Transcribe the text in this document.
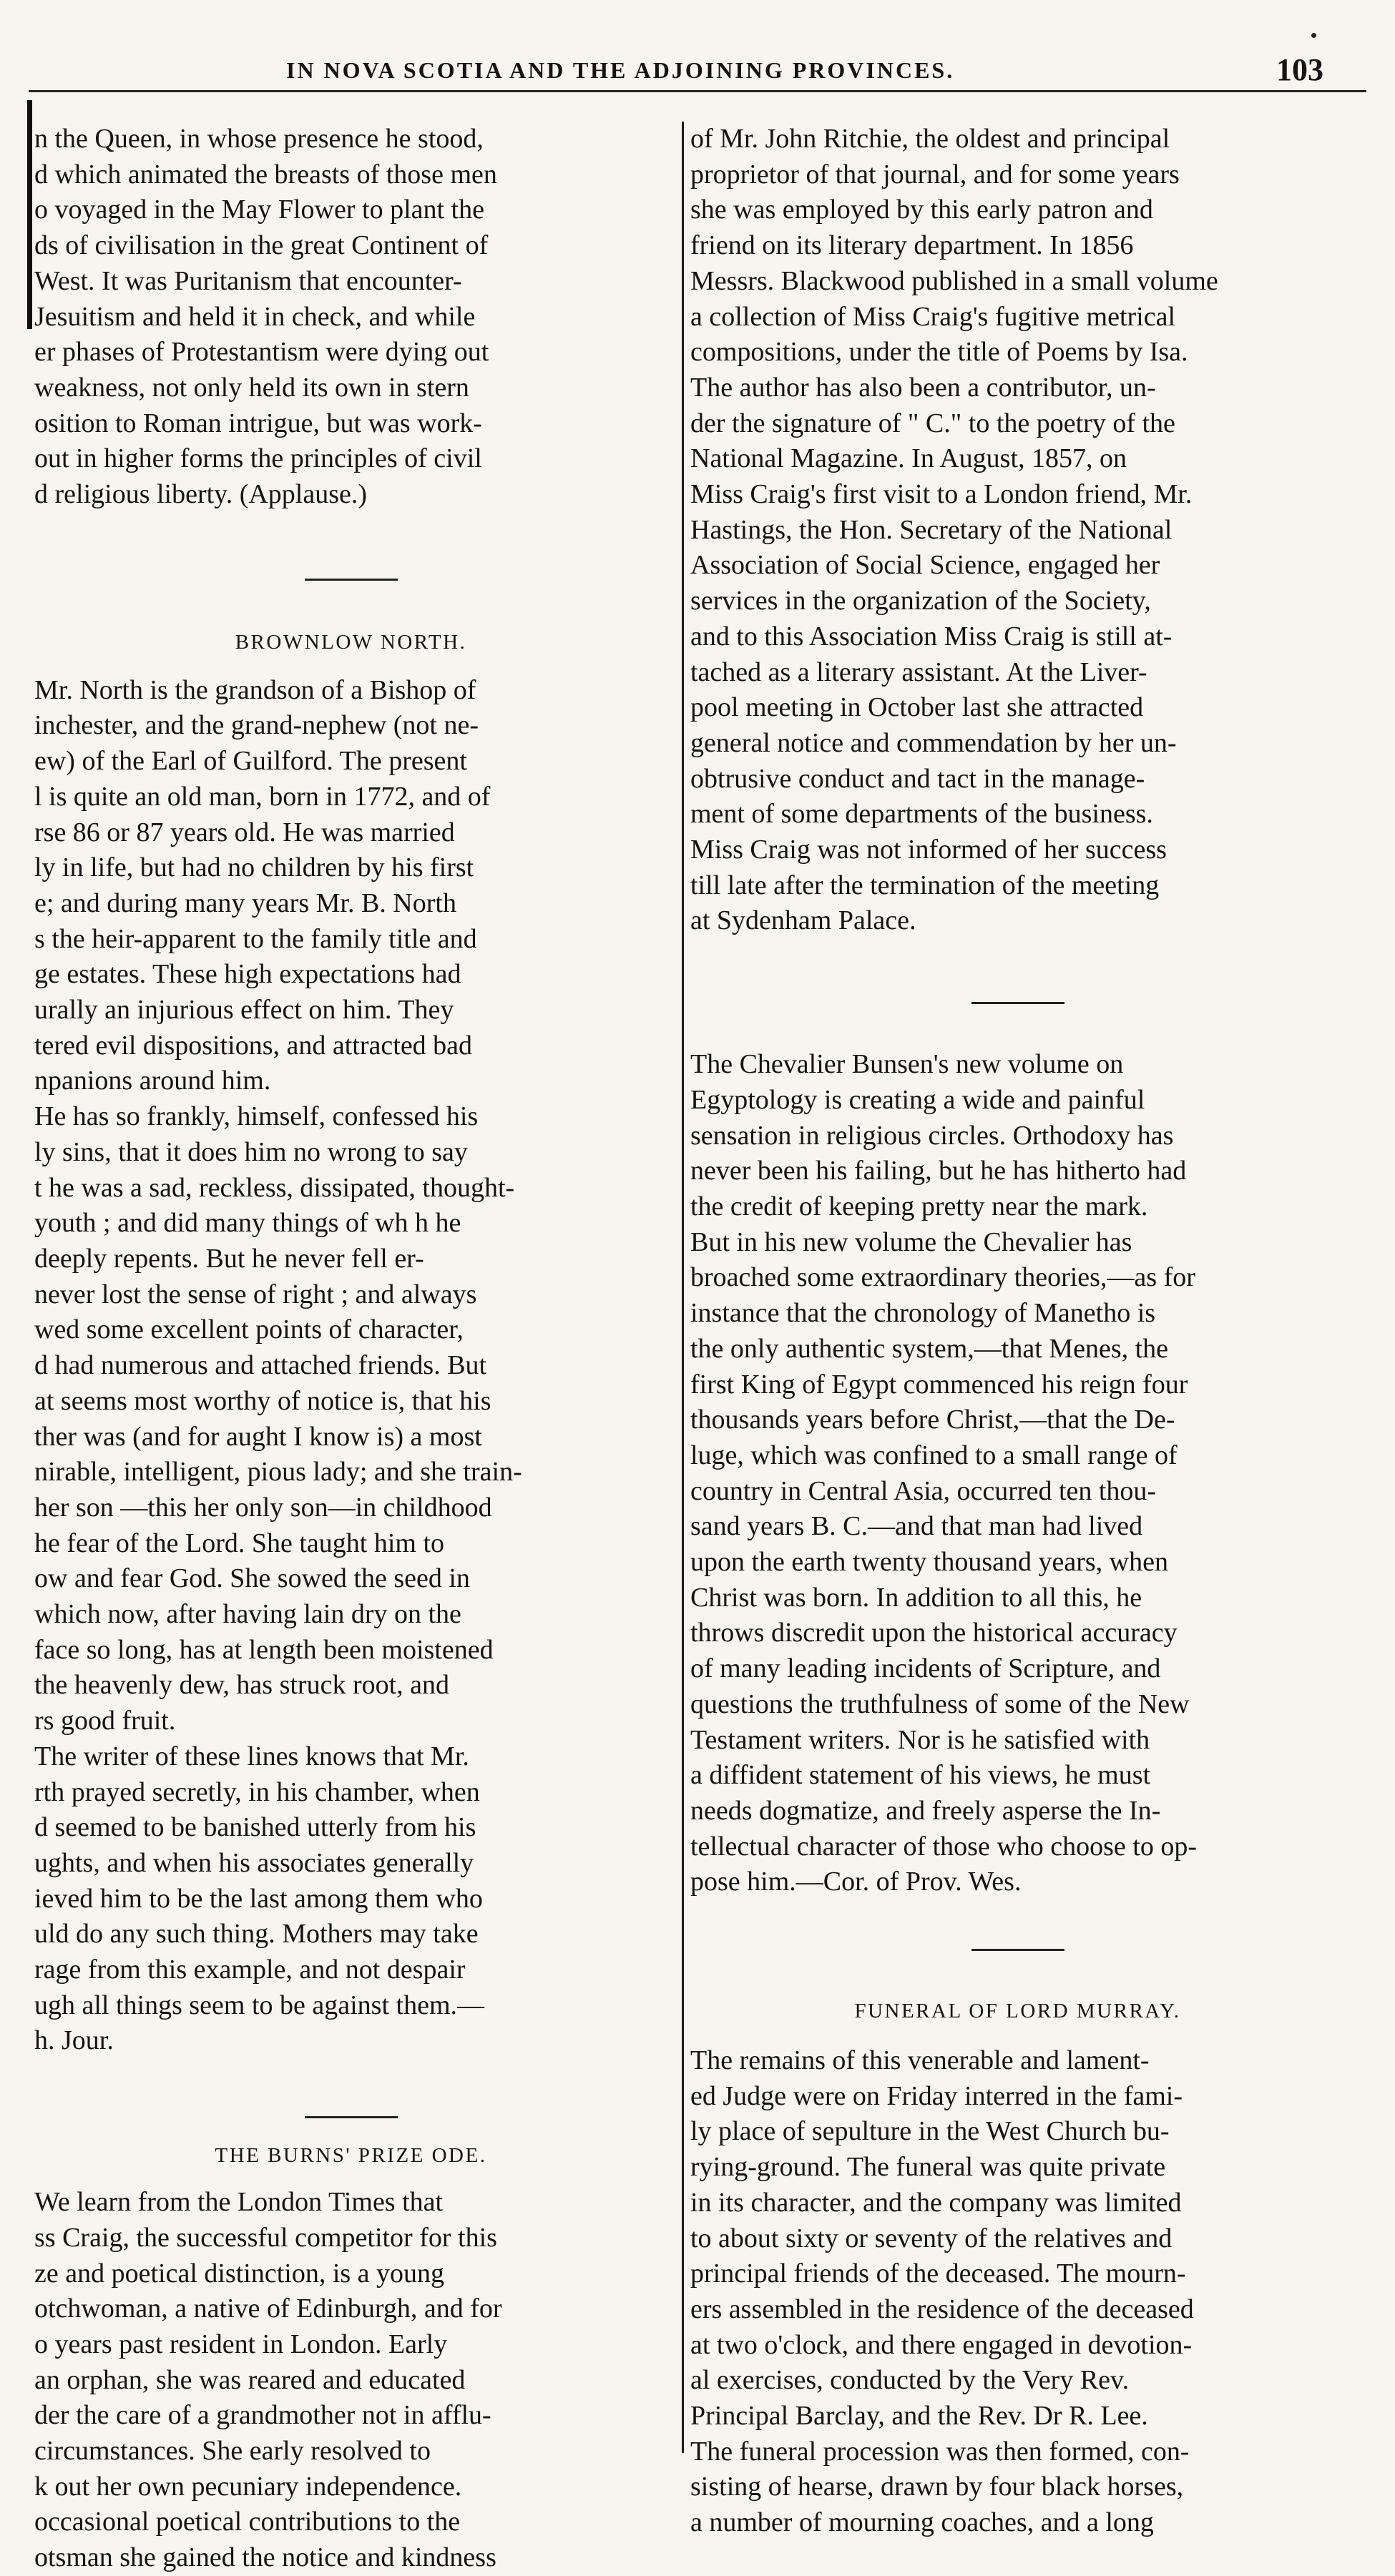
IN NOVA SCOTIA AND THE ADJOINING PROVINCES.	103

n the Queen, in whose presence he stood,
d which animated the breasts of those men
o voyaged in the May Flower to plant the
ds of civilisation in the great Continent of
West. It was Puritanism that encounter-
Jesuitism and held it in check, and while
er phases of Protestantism were dying out
weakness, not only held its own in stern
osition to Roman intrigue, but was work-
out in higher forms the principles of civil
d religious liberty. (Applause.)

BROWNLOW NORTH.

Mr. North is the grandson of a Bishop of
inchester, and the grand-nephew (not ne-
ew) of the Earl of Guilford. The present
l is quite an old man, born in 1772, and of
rse 86 or 87 years old. He was married
ly in life, but had no children by his first
e; and during many years Mr. B. North
s the heir-apparent to the family title and
ge estates. These high expectations had
urally an injurious effect on him. They
tered evil dispositions, and attracted bad
npanions around him.

He has so frankly, himself, confessed his
ly sins, that it does him no wrong to say
t he was a sad, reckless, dissipated, thought-
youth ; and did many things of wh h he
deeply repents. But he never fell er-
never lost the sense of right ; and always
wed some excellent points of character,
d had numerous and attached friends. But
at seems most worthy of notice is, that his
ther was (and for aught I know is) a most
nirable, intelligent, pious lady; and she train-
her son —this her only son—in childhood
he fear of the Lord. She taught him to
ow and fear God. She sowed the seed in
which now, after having lain dry on the
face so long, has at length been moistened
the heavenly dew, has struck root, and
rs good fruit.

The writer of these lines knows that Mr.
rth prayed secretly, in his chamber, when
d seemed to be banished utterly from his
ughts, and when his associates generally
ieved him to be the last among them who
uld do any such thing. Mothers may take
rage from this example, and not despair
ugh all things seem to be against them.—
h. Jour.

THE BURNS' PRIZE ODE.

We learn from the London Times that
ss Craig, the successful competitor for this
ze and poetical distinction, is a young
otchwoman, a native of Edinburgh, and for
o years past resident in London. Early
an orphan, she was reared and educated
der the care of a grandmother not in afflu-
circumstances. She early resolved to
k out her own pecuniary independence.
occasional poetical contributions to the
otsman she gained the notice and kindness

of Mr. John Ritchie, the oldest and principal
proprietor of that journal, and for some years
she was employed by this early patron and
friend on its literary department. In 1856
Messrs. Blackwood published in a small volume
a collection of Miss Craig's fugitive metrical
compositions, under the title of Poems by Isa.

The author has also been a contributor, un-
der the signature of " C." to the poetry of the
National Magazine. In August, 1857, on
Miss Craig's first visit to a London friend, Mr.
Hastings, the Hon. Secretary of the National
Association of Social Science, engaged her
services in the organization of the Society,
and to this Association Miss Craig is still at-
tached as a literary assistant. At the Liver-
pool meeting in October last she attracted
general notice and commendation by her un-
obtrusive conduct and tact in the manage-
ment of some departments of the business.
Miss Craig was not informed of her success
till late after the termination of the meeting
at Sydenham Palace.

The Chevalier Bunsen's new volume on
Egyptology is creating a wide and painful
sensation in religious circles. Orthodoxy has
never been his failing, but he has hitherto had
the credit of keeping pretty near the mark.
But in his new volume the Chevalier has
broached some extraordinary theories,—as for
instance that the chronology of Manetho is
the only authentic system,—that Menes, the
first King of Egypt commenced his reign four
thousands years before Christ,—that the De-
luge, which was confined to a small range of
country in Central Asia, occurred ten thou-
sand years B. C.—and that man had lived
upon the earth twenty thousand years, when
Christ was born. In addition to all this, he
throws discredit upon the historical accuracy
of many leading incidents of Scripture, and
questions the truthfulness of some of the New
Testament writers. Nor is he satisfied with
a diffident statement of his views, he must
needs dogmatize, and freely asperse the In-
tellectual character of those who choose to op-
pose him.—Cor. of Prov. Wes.

FUNERAL OF LORD MURRAY.

The remains of this venerable and lament-
ed Judge were on Friday interred in the fami-
ly place of sepulture in the West Church bu-
rying-ground. The funeral was quite private
in its character, and the company was limited
to about sixty or seventy of the relatives and
principal friends of the deceased. The mourn-
ers assembled in the residence of the deceased
at two o'clock, and there engaged in devotion-
al exercises, conducted by the Very Rev.
Principal Barclay, and the Rev. Dr R. Lee.
The funeral procession was then formed, con-
sisting of hearse, drawn by four black horses,
a number of mourning coaches, and a long
